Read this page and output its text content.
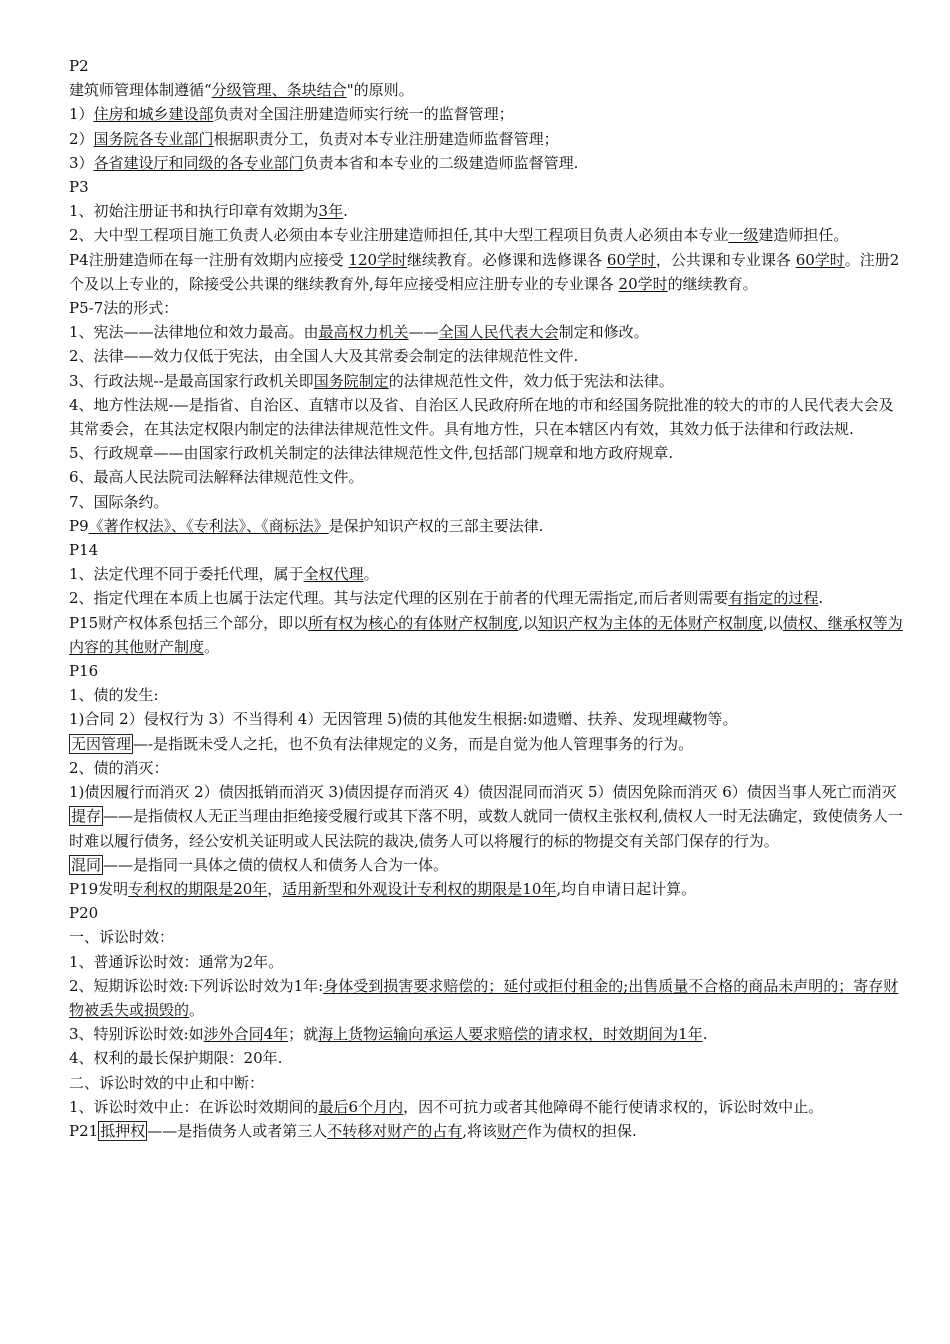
P2

建筑师管理体制遵循“分级管理、条块结合"的原则。

1）住房和城乡建设部负责对全国注册建造师实行统一的监督管理；

2）国务院各专业部门根据职责分工，负责对本专业注册建造师监督管理；

3）各省建设厅和同级的各专业部门负责本省和本专业的二级建造师监督管理.

P3

1、初始注册证书和执行印章有效期为3年.

2、大中型工程项目施工负责人必须由本专业注册建造师担任,其中大型工程项目负责人必须由本专业一级建造师担任。

P4注册建造师在每一注册有效期内应接受 120学时继续教育。必修课和选修课各 60学时，公共课和专业课各 60学时。注册2个及以上专业的，除接受公共课的继续教育外,每年应接受相应注册专业的专业课各 20学时的继续教育。

P5-7法的形式：

1、宪法——法律地位和效力最高。由最高权力机关——全国人民代表大会制定和修改。

2、法律——效力仅低于宪法，由全国人大及其常委会制定的法律规范性文件.

3、行政法规--是最高国家行政机关即国务院制定的法律规范性文件，效力低于宪法和法律。

4、地方性法规-—是指省、自治区、直辖市以及省、自治区人民政府所在地的市和经国务院批准的较大的市的人民代表大会及其常委会，在其法定权限内制定的法律法律规范性文件。具有地方性，只在本辖区内有效，其效力低于法律和行政法规.

5、行政规章——由国家行政机关制定的法律法律规范性文件,包括部门规章和地方政府规章.

6、最高人民法院司法解释法律规范性文件。

7、国际条约。

P9《著作权法》、《专利法》、《商标法》是保护知识产权的三部主要法律.

P14

1、法定代理不同于委托代理，属于全权代理。

2、指定代理在本质上也属于法定代理。其与法定代理的区别在于前者的代理无需指定,而后者则需要有指定的过程.

P15财产权体系包括三个部分，即以所有权为核心的有体财产权制度,以知识产权为主体的无体财产权制度,以债权、继承权等为内容的其他财产制度。

P16

1、债的发生:

1)合同 2）侵权行为 3）不当得利 4）无因管理 5)债的其他发生根据:如遗赠、扶养、发现埋藏物等。

无因管理 —-是指既未受人之托，也不负有法律规定的义务，而是自觉为他人管理事务的行为。

2、债的消灭：

1)债因履行而消灭 2）债因抵销而消灭 3)债因提存而消灭 4）债因混同而消灭 5）债因免除而消灭 6）债因当事人死亡而消灭

提存 ——是指债权人无正当理由拒绝接受履行或其下落不明，或数人就同一债权主张权利,债权人一时无法确定，致使债务人一时难以履行债务，经公安机关证明或人民法院的裁决,债务人可以将履行的标的物提交有关部门保存的行为。

混同 ——是指同一具体之债的债权人和债务人合为一体。

P19发明专利权的期限是20年，适用新型和外观设计专利权的期限是10年,均自申请日起计算。

P20

一、诉讼时效：

1、普通诉讼时效：通常为2年。

2、短期诉讼时效:下列诉讼时效为1年:身体受到损害要求赔偿的；延付或拒付租金的;出售质量不合格的商品未声明的；寄存财物被丢失或损毁的。

3、特别诉讼时效:如涉外合同4年；就海上货物运输向承运人要求赔偿的请求权，时效期间为1年.

4、权利的最长保护期限：20年.

二、诉讼时效的中止和中断：

1、诉讼时效中止：在诉讼时效期间的最后6个月内，因不可抗力或者其他障碍不能行使请求权的，诉讼时效中止。

P21 抵押权 ——是指债务人或者第三人不转移对财产的占有,将该财产作为债权的担保.
